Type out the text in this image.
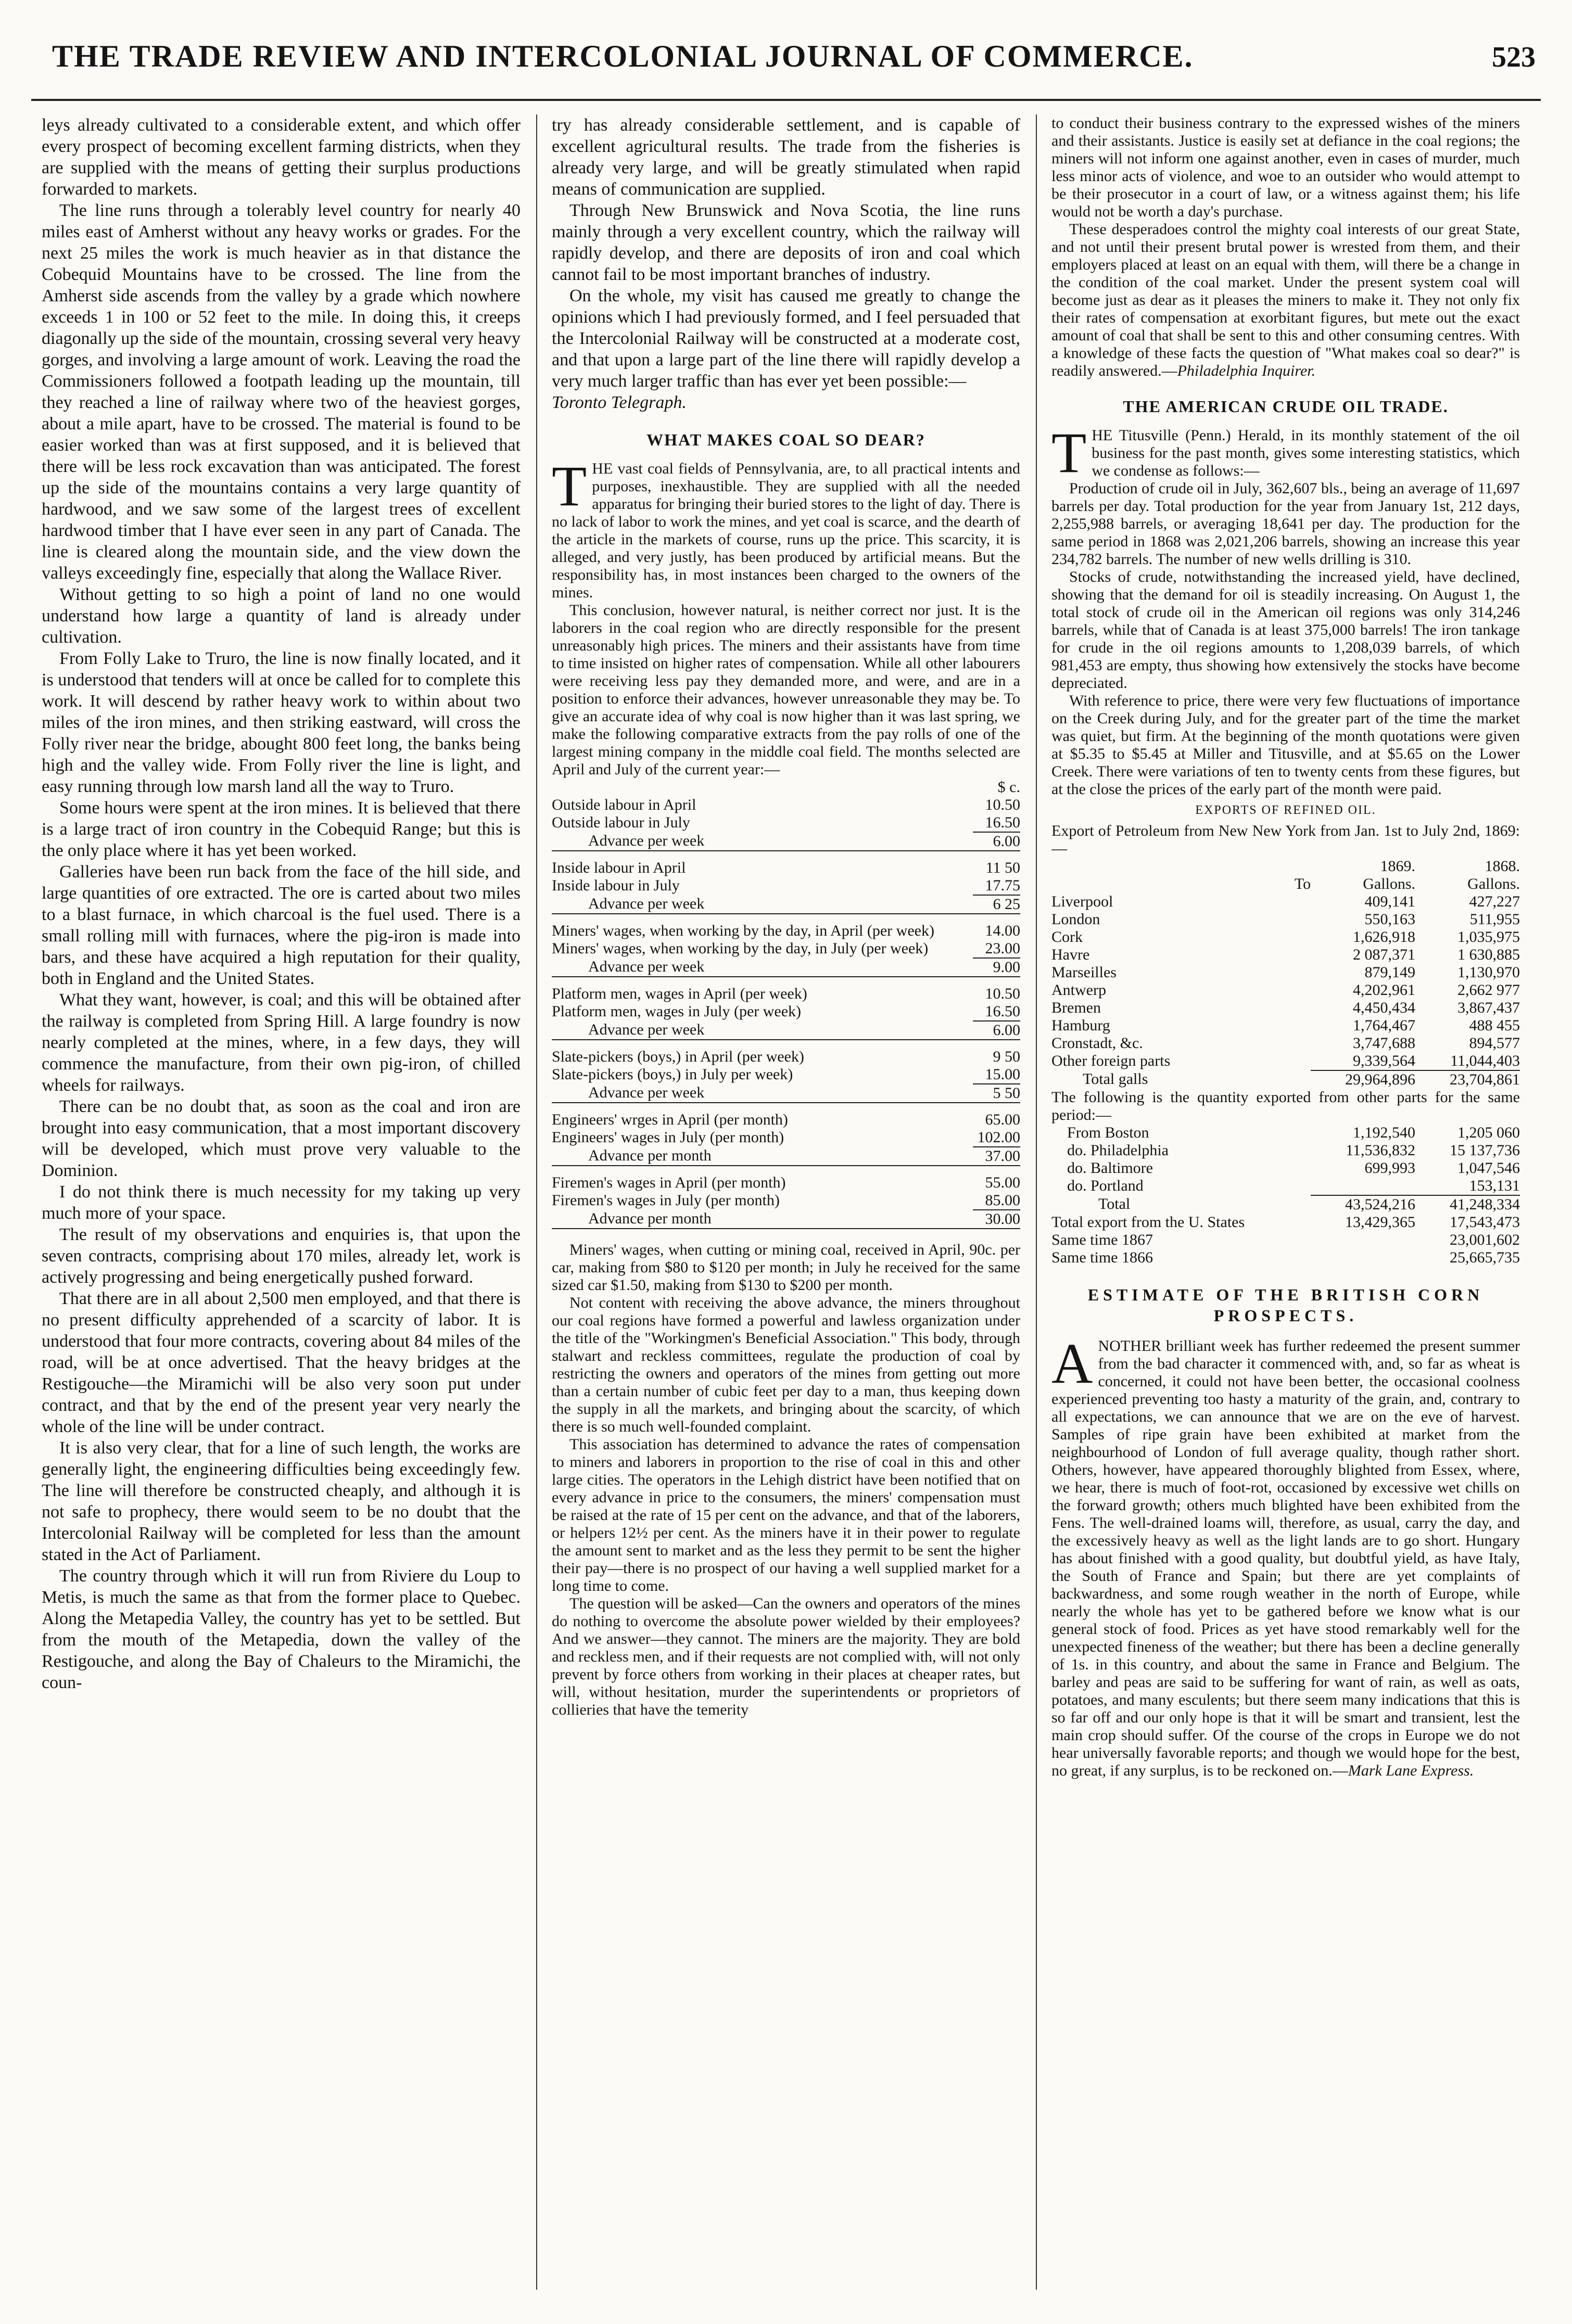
THE TRADE REVIEW AND INTERCOLONIAL JOURNAL OF COMMERCE.	523

leys already cultivated to a considerable extent, and which offer every prospect of becoming excellent farming districts, when they are supplied with the means of getting their surplus productions forwarded to markets.

The line runs through a tolerably level country for nearly 40 miles east of Amherst without any heavy works or grades. For the next 25 miles the work is much heavier as in that distance the Cobequid Mountains have to be crossed. The line from the Amherst side ascends from the valley by a grade which nowhere exceeds 1 in 100 or 52 feet to the mile. In doing this, it creeps diagonally up the side of the mountain, crossing several very heavy gorges, and involving a large amount of work. Leaving the road the Commissioners followed a footpath leading up the mountain, till they reached a line of railway where two of the heaviest gorges, about a mile apart, have to be crossed. The material is found to be easier worked than was at first supposed, and it is believed that there will be less rock excavation than was anticipated. The forest up the side of the mountains contains a very large quantity of hardwood, and we saw some of the largest trees of excellent hardwood timber that I have ever seen in any part of Canada. The line is cleared along the mountain side, and the view down the valleys exceedingly fine, especially that along the Wallace River.

Without getting to so high a point of land no one would understand how large a quantity of land is already under cultivation.

From Folly Lake to Truro, the line is now finally located, and it is understood that tenders will at once be called for to complete this work. It will descend by rather heavy work to within about two miles of the iron mines, and then striking eastward, will cross the Folly river near the bridge, abought 800 feet long, the banks being high and the valley wide. From Folly river the line is light, and easy running through low marsh land all the way to Truro.

Some hours were spent at the iron mines. It is believed that there is a large tract of iron country in the Cobequid Range; but this is the only place where it has yet been worked.

Galleries have been run back from the face of the hill side, and large quantities of ore extracted. The ore is carted about two miles to a blast furnace, in which charcoal is the fuel used. There is a small rolling mill with furnaces, where the pig-iron is made into bars, and these have acquired a high reputation for their quality, both in England and the United States.

What they want, however, is coal; and this will be obtained after the railway is completed from Spring Hill. A large foundry is now nearly completed at the mines, where, in a few days, they will commence the manufacture, from their own pig-iron, of chilled wheels for railways.

There can be no doubt that, as soon as the coal and iron are brought into easy communication, that a most important discovery will be developed, which must prove very valuable to the Dominion.

I do not think there is much necessity for my taking up very much more of your space.

The result of my observations and enquiries is, that upon the seven contracts, comprising about 170 miles, already let, work is actively progressing and being energetically pushed forward.

That there are in all about 2,500 men employed, and that there is no present difficulty apprehended of a scarcity of labor. It is understood that four more contracts, covering about 84 miles of the road, will be at once advertised. That the heavy bridges at the Restigouche—the Miramichi will be also very soon put under contract, and that by the end of the present year very nearly the whole of the line will be under contract.

It is also very clear, that for a line of such length, the works are generally light, the engineering difficulties being exceedingly few. The line will therefore be constructed cheaply, and although it is not safe to prophecy, there would seem to be no doubt that the Intercolonial Railway will be completed for less than the amount stated in the Act of Parliament.

The country through which it will run from Riviere du Loup to Metis, is much the same as that from the former place to Quebec. Along the Metapedia Valley, the country has yet to be settled. But from the mouth of the Metapedia, down the valley of the Restigouche, and along the Bay of Chaleurs to the Miramichi, the coun-

try has already considerable settlement, and is capable of excellent agricultural results. The trade from the fisheries is already very large, and will be greatly stimulated when rapid means of communication are supplied.

Through New Brunswick and Nova Scotia, the line runs mainly through a very excellent country, which the railway will rapidly develop, and there are deposits of iron and coal which cannot fail to be most important branches of industry.

On the whole, my visit has caused me greatly to change the opinions which I had previously formed, and I feel persuaded that the Intercolonial Railway will be constructed at a moderate cost, and that upon a large part of the line there will rapidly develop a very much larger traffic than has ever yet been possible:—

Toronto Telegraph.

WHAT MAKES COAL SO DEAR?

THE vast coal fields of Pennsylvania, are, to all practical intents and purposes, inexhaustible. They are supplied with all the needed apparatus for bringing their buried stores to the light of day. There is no lack of labor to work the mines, and yet coal is scarce, and the dearth of the article in the markets of course, runs up the price. This scarcity, it is alleged, and very justly, has been produced by artificial means. But the responsibility has, in most instances been charged to the owners of the mines.

This conclusion, however natural, is neither correct nor just. It is the laborers in the coal region who are directly responsible for the present unreasonably high prices. The miners and their assistants have from time to time insisted on higher rates of compensation. While all other labourers were receiving less pay they demanded more, and were, and are in a position to enforce their advances, however unreasonable they may be. To give an accurate idea of why coal is now higher than it was last spring, we make the following comparative extracts from the pay rolls of one of the largest mining company in the middle coal field. The months selected are April and July of the current year:—

	$ c.
Outside labour in April	10.50
Outside labour in July	16.50
Advance per week	6.00

Inside labour in April	11 50
Inside labour in July	17.75
Advance per week	6 25

Miners' wages, when working by the day, in April (per week)	14.00
Miners' wages, when working by the day, in July (per week)	23.00
Advance per week	9.00

Platform men, wages in April (per week)	10.50
Platform men, wages in July (per week)	16.50
Advance per week	6.00

Slate-pickers (boys,) in April (per week)	9 50
Slate-pickers (boys,) in July per week)	15.00
Advance per week	5 50

Engineers' wrges in April (per month)	65.00
Engineers' wages in July (per month)	102.00
Advance per month	37.00

Firemen's wages in April (per month)	55.00
Firemen's wages in July (per month)	85.00
Advance per month	30.00

Miners' wages, when cutting or mining coal, received in April, 90c. per car, making from $80 to $120 per month; in July he received for the same sized car $1.50, making from $130 to $200 per month.

Not content with receiving the above advance, the miners throughout our coal regions have formed a powerful and lawless organization under the title of the "Workingmen's Beneficial Association." This body, through stalwart and reckless committees, regulate the production of coal by restricting the owners and operators of the mines from getting out more than a certain number of cubic feet per day to a man, thus keeping down the supply in all the markets, and bringing about the scarcity, of which there is so much well-founded complaint.

This association has determined to advance the rates of compensation to miners and laborers in proportion to the rise of coal in this and other large cities. The operators in the Lehigh district have been notified that on every advance in price to the consumers, the miners' compensation must be raised at the rate of 15 per cent on the advance, and that of the laborers, or helpers 12½ per cent. As the miners have it in their power to regulate the amount sent to market and as the less they permit to be sent the higher their pay—there is no prospect of our having a well supplied market for a long time to come.

The question will be asked—Can the owners and operators of the mines do nothing to overcome the absolute power wielded by their employees? And we answer—they cannot. The miners are the majority. They are bold and reckless men, and if their requests are not complied with, will not only prevent by force others from working in their places at cheaper rates, but will, without hesitation, murder the superintendents or proprietors of collieries that have the temerity

to conduct their business contrary to the expressed wishes of the miners and their assistants. Justice is easily set at defiance in the coal regions; the miners will not inform one against another, even in cases of murder, much less minor acts of violence, and woe to an outsider who would attempt to be their prosecutor in a court of law, or a witness against them; his life would not be worth a day's purchase.

These desperadoes control the mighty coal interests of our great State, and not until their present brutal power is wrested from them, and their employers placed at least on an equal with them, will there be a change in the condition of the coal market. Under the present system coal will become just as dear as it pleases the miners to make it. They not only fix their rates of compensation at exorbitant figures, but mete out the exact amount of coal that shall be sent to this and other consuming centres. With a knowledge of these facts the question of "What makes coal so dear?" is readily answered.—Philadelphia Inquirer.

THE AMERICAN CRUDE OIL TRADE.

THE Titusville (Penn.) Herald, in its monthly statement of the oil business for the past month, gives some interesting statistics, which we condense as follows:—

Production of crude oil in July, 362,607 bls., being an average of 11,697 barrels per day. Total production for the year from January 1st, 212 days, 2,255,988 barrels, or averaging 18,641 per day. The production for the same period in 1868 was 2,021,206 barrels, showing an increase this year 234,782 barrels. The number of new wells drilling is 310.

Stocks of crude, notwithstanding the increased yield, have declined, showing that the demand for oil is steadily increasing. On August 1, the total stock of crude oil in the American oil regions was only 314,246 barrels, while that of Canada is at least 375,000 barrels! The iron tankage for crude in the oil regions amounts to 1,208,039 barrels, of which 981,453 are empty, thus showing how extensively the stocks have become depreciated.

With reference to price, there were very few fluctuations of importance on the Creek during July, and for the greater part of the time the market was quiet, but firm. At the beginning of the month quotations were given at $5.35 to $5.45 at Miller and Titusville, and at $5.65 on the Lower Creek. There were variations of ten to twenty cents from these figures, but at the close the prices of the early part of the month were paid.

EXPORTS OF REFINED OIL.

Export of Petroleum from New New York from Jan. 1st to July 2nd, 1869:—

	1869.	1868.
To	Gallons.	Gallons.
Liverpool	409,141	427,227
London	550,163	511,955
Cork	1,626,918	1,035,975
Havre	2 087,371	1 630,885
Marseilles	879,149	1,130,970
Antwerp	4,202,961	2,662 977
Bremen	4,450,434	3,867,437
Hamburg	1,764,467	488 455
Cronstadt, &c.	3,747,688	894,577
Other foreign parts	9,339,564	11,044,403
Total galls	29,964,896	23,704,861
The following is the quantity exported from other parts for the same period:—		
From Boston	1,192,540	1,205 060
do. Philadelphia	11,536,832	15 137,736
do. Baltimore	699,993	1,047,546
do. Portland		153,131
Total	43,524,216	41,248,334
Total export from the U. States	13,429,365	17,543,473
Same time 1867		23,001,602
Same time 1866		25,665,735
ESTIMATE OF THE BRITISH CORN PROSPECTS.

ANOTHER brilliant week has further redeemed the present summer from the bad character it commenced with, and, so far as wheat is concerned, it could not have been better, the occasional coolness experienced preventing too hasty a maturity of the grain, and, contrary to all expectations, we can announce that we are on the eve of harvest. Samples of ripe grain have been exhibited at market from the neighbourhood of London of full average quality, though rather short. Others, however, have appeared thoroughly blighted from Essex, where, we hear, there is much of foot-rot, occasioned by excessive wet chills on the forward growth; others much blighted have been exhibited from the Fens. The well-drained loams will, therefore, as usual, carry the day, and the excessively heavy as well as the light lands are to go short. Hungary has about finished with a good quality, but doubtful yield, as have Italy, the South of France and Spain; but there are yet complaints of backwardness, and some rough weather in the north of Europe, while nearly the whole has yet to be gathered before we know what is our general stock of food. Prices as yet have stood remarkably well for the unexpected fineness of the weather; but there has been a decline generally of 1s. in this country, and about the same in France and Belgium. The barley and peas are said to be suffering for want of rain, as well as oats, potatoes, and many esculents; but there seem many indications that this is so far off and our only hope is that it will be smart and transient, lest the main crop should suffer. Of the course of the crops in Europe we do not hear universally favorable reports; and though we would hope for the best, no great, if any surplus, is to be reckoned on.—Mark Lane Express.
